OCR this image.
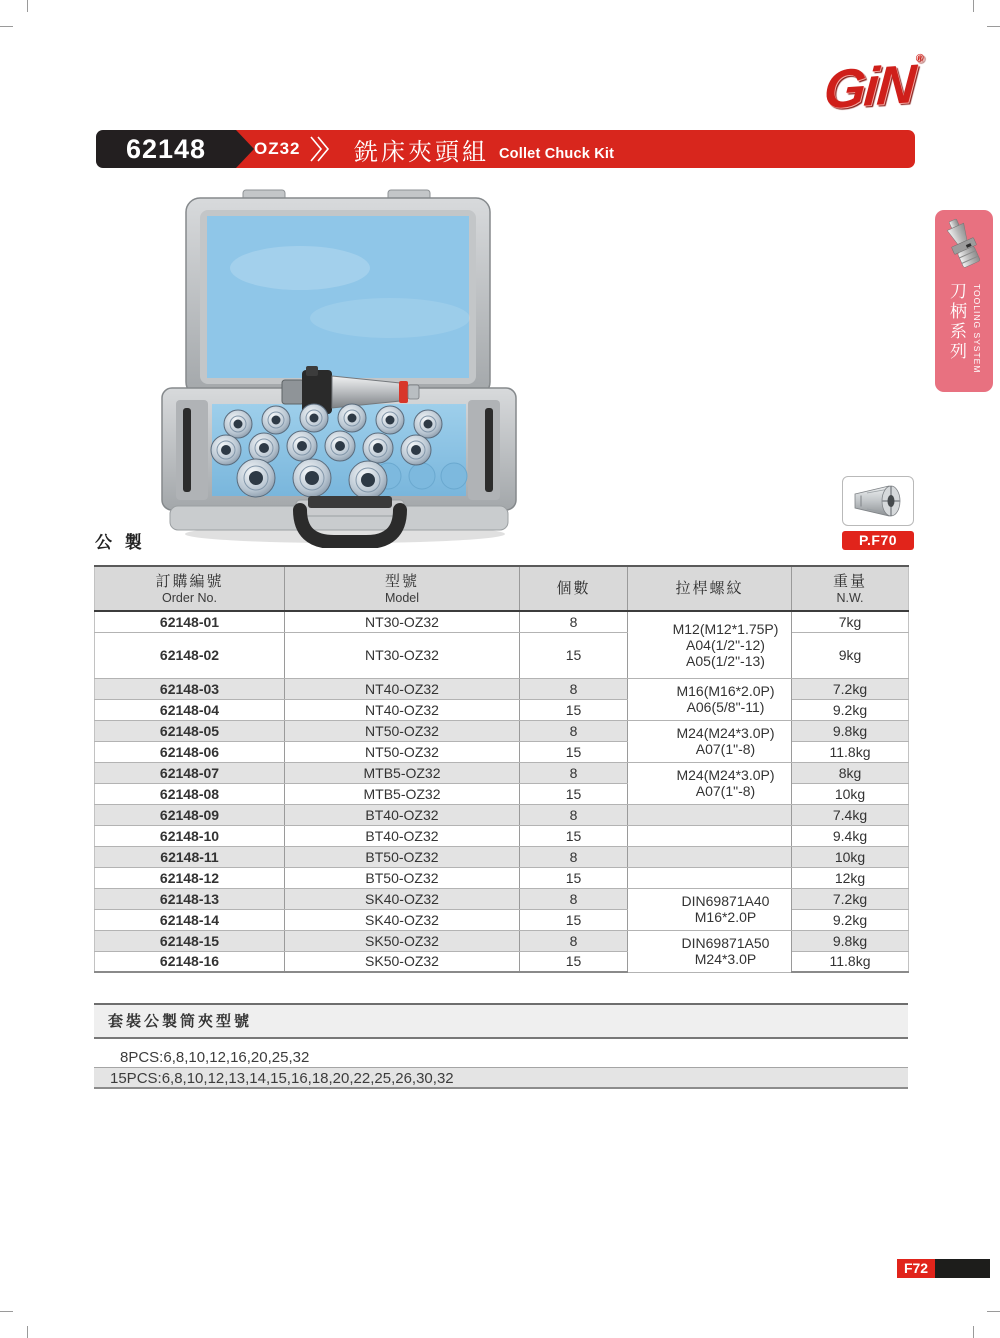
GiN®
62148	OZ32 銑床夾頭組 Collet Chuck Kit
刀柄系列 TOOLING SYSTEM
P.F70
公 製
訂購編號
Order No.	型號
Model	個數	拉桿螺紋	重量
N.W.

62148-01	NT30-OZ32	8	M12(M12*1.75P)
A04(1/2"-12)
A05(1/2"-13)	7kg
62148-02	NT30-OZ32	15		9kg
62148-03	NT40-OZ32	8	M16(M16*2.0P)
A06(5/8"-11)	7.2kg
62148-04	NT40-OZ32	15		9.2kg
62148-05	NT50-OZ32	8	M24(M24*3.0P)
A07(1"-8)	9.8kg
62148-06	NT50-OZ32	15		11.8kg
62148-07	MTB5-OZ32	8	M24(M24*3.0P)
A07(1"-8)	8kg
62148-08	MTB5-OZ32	15		10kg
62148-09	BT40-OZ32	8		7.4kg
62148-10	BT40-OZ32	15		9.4kg
62148-11	BT50-OZ32	8		10kg
62148-12	BT50-OZ32	15		12kg
62148-13	SK40-OZ32	8	DIN69871A40
M16*2.0P	7.2kg
62148-14	SK40-OZ32	15		9.2kg
62148-15	SK50-OZ32	8	DIN69871A50
M24*3.0P	9.8kg
62148-16	SK50-OZ32	15		11.8kg
套裝公製筒夾型號
8PCS:6,8,10,12,16,20,25,32
15PCS:6,8,10,12,13,14,15,16,18,20,22,25,26,30,32
F72
